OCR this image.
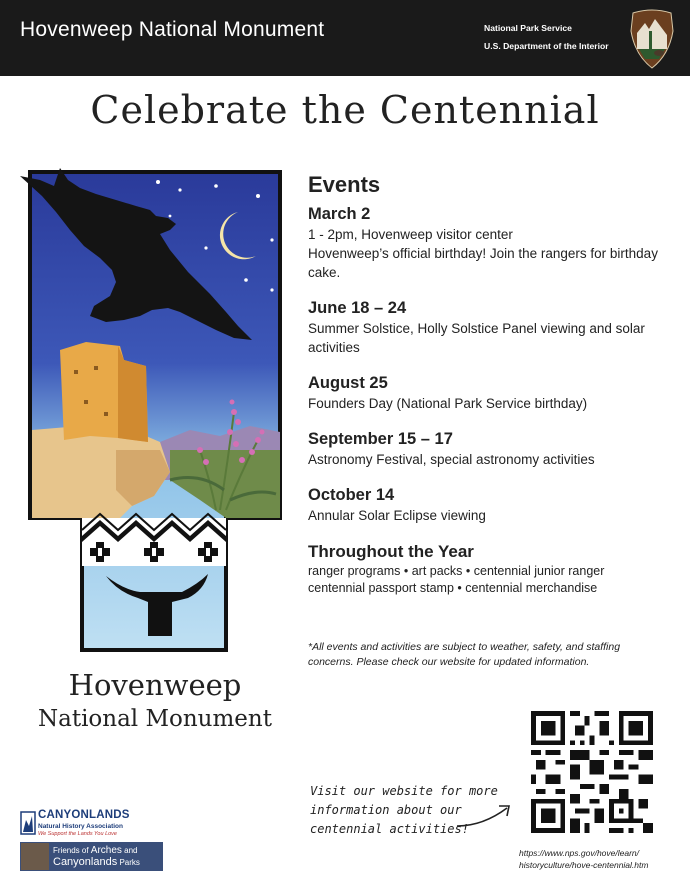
Hovenweep National Monument	National Park Service
U.S. Department of the Interior
Celebrate the Centennial
Hovenweep
National Monument
Events
March 2
1 - 2pm, Hovenweep visitor center
Hovenweep’s official birthday! Join the rangers for birthday cake.
June 18 – 24
Summer Solstice, Holly Solstice Panel viewing and solar activities
August 25
Founders Day (National Park Service birthday)
September 15 – 17
Astronomy Festival, special astronomy activities
October 14
Annular Solar Eclipse viewing
Throughout the Year
ranger programs • art packs • centennial junior ranger
centennial passport stamp • centennial merchandise
*All events and activities are subject to weather, safety, and staffing concerns. Please check our website for updated information.
Visit our website for more
information about our
centennial activities!
https://www.nps.gov/hove/learn/
historyculture/hove-centennial.htm
CANYONLANDS
Natural History Association
We Support the Lands You Love
Friends of Arches and
Canyonlands Parks
